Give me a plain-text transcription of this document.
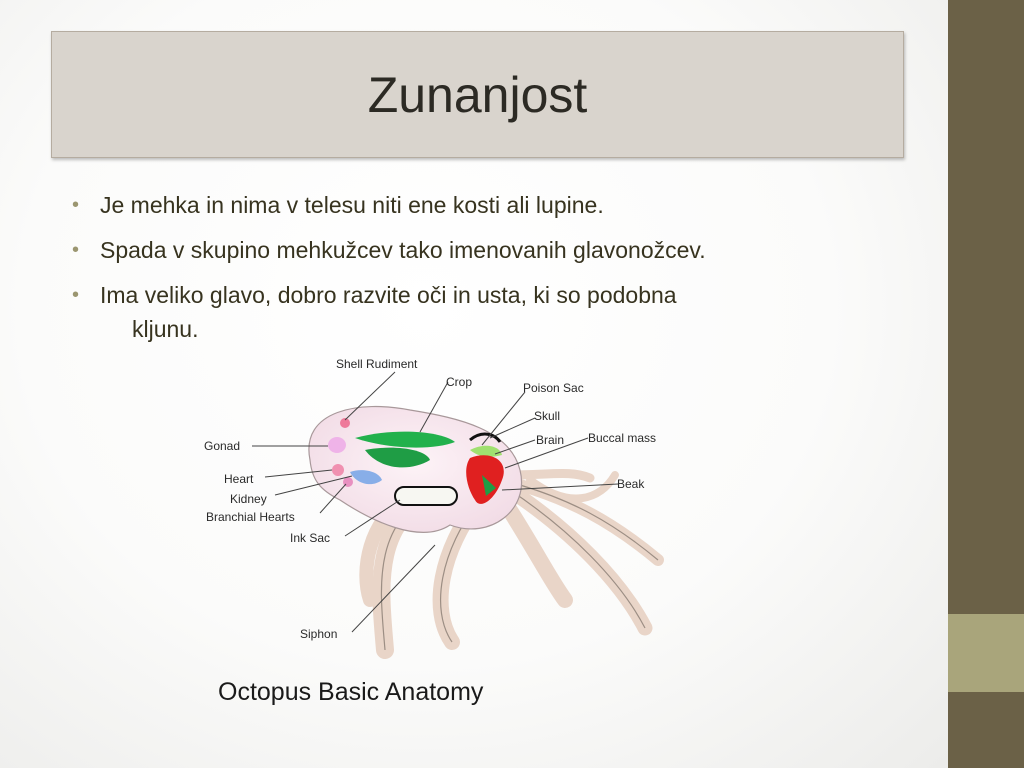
Zunanjost
• Je mehka in nima v telesu niti ene kosti ali lupine.
• Spada v skupino mehkužcev tako imenovanih glavonožcev.
• Ima veliko glavo, dobro razvite oči in usta, ki so podobna
kljunu.
Shell Rudiment
Crop	Poison Sac
Skull
Brain Buccal mass
Beak
Gonad
Heart
Kidney
Branchial Hearts
Ink Sac
Siphon
Octopus Basic Anatomy
